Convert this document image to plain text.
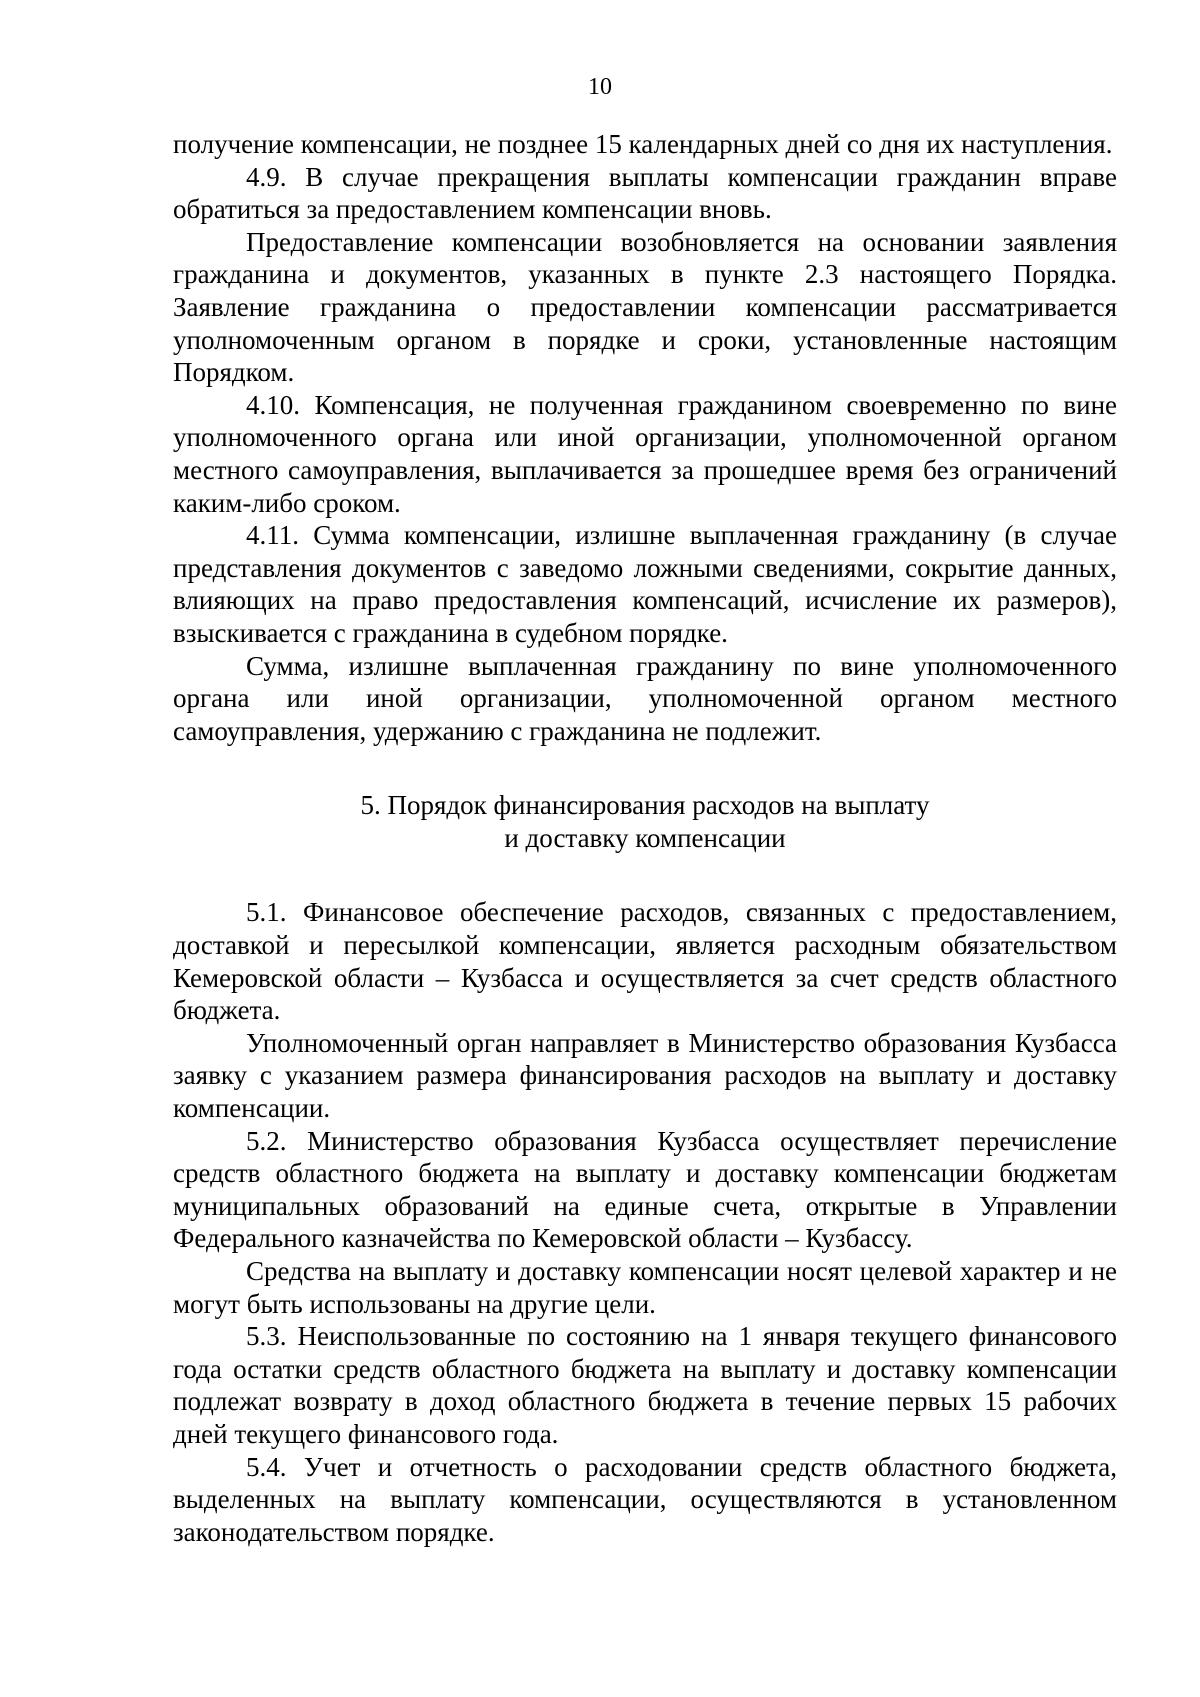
10

получение компенсации, не позднее 15 календарных дней со дня их наступления.

4.9. В случае прекращения выплаты компенсации гражданин вправе обратиться за предоставлением компенсации вновь.

Предоставление компенсации возобновляется на основании заявления гражданина и документов, указанных в пункте 2.3 настоящего Порядка. Заявление гражданина о предоставлении компенсации рассматривается уполномоченным органом в порядке и сроки, установленные настоящим Порядком.

4.10. Компенсация, не полученная гражданином своевременно по вине уполномоченного органа или иной организации, уполномоченной органом местного самоуправления, выплачивается за прошедшее время без ограничений каким-либо сроком.

4.11. Сумма компенсации, излишне выплаченная гражданину (в случае представления документов с заведомо ложными сведениями, сокрытие данных, влияющих на право предоставления компенсаций, исчисление их размеров), взыскивается с гражданина в судебном порядке.

Сумма, излишне выплаченная гражданину по вине уполномоченного органа или иной организации, уполномоченной органом местного самоуправления, удержанию с гражданина не подлежит.

5. Порядок финансирования расходов на выплату
и доставку компенсации

5.1. Финансовое обеспечение расходов, связанных с предоставлением, доставкой и пересылкой компенсации, является расходным обязательством Кемеровской области – Кузбасса и осуществляется за счет средств областного бюджета.

Уполномоченный орган направляет в Министерство образования Кузбасса заявку с указанием размера финансирования расходов на выплату и доставку компенсации.

5.2. Министерство образования Кузбасса осуществляет перечисление средств областного бюджета на выплату и доставку компенсации бюджетам муниципальных образований на единые счета, открытые в Управлении Федерального казначейства по Кемеровской области – Кузбассу.

Средства на выплату и доставку компенсации носят целевой характер и не могут быть использованы на другие цели.

5.3. Неиспользованные по состоянию на 1 января текущего финансового года остатки средств областного бюджета на выплату и доставку компенсации подлежат возврату в доход областного бюджета в течение первых 15 рабочих дней текущего финансового года.

5.4. Учет и отчетность о расходовании средств областного бюджета, выделенных на выплату компенсации, осуществляются в установленном законодательством порядке.
